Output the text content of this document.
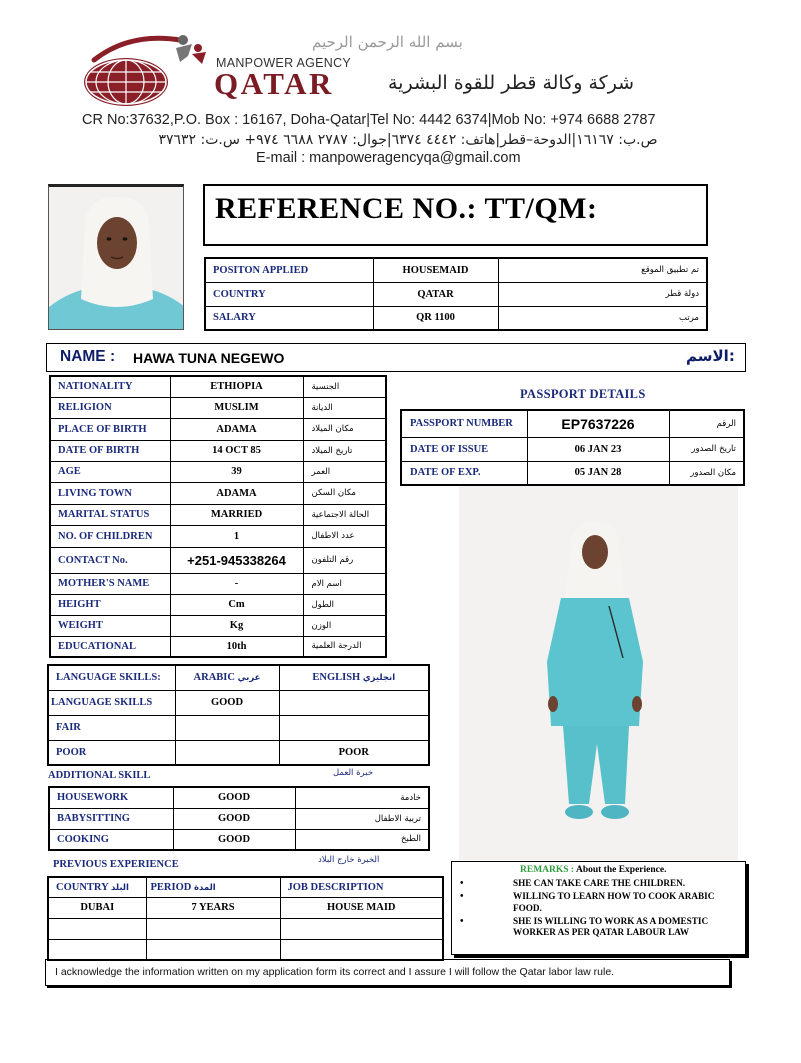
بسم الله الرحمن الرحيم
MANPOWER AGENCY
QATAR	شركة وكالة قطر للقوة البشرية
CR No:37632,P.O. Box : 16167, Doha-Qatar|Tel No: 4442 6374|Mob No: +974 6688 2787
ص.ب: ١٦١٦٧|الدوحة–قطر|هاتف: ٤٤٤٢ ٦٣٧٤|جوال: ٢٧٨٧ ٦٦٨٨ ٩٧٤+ س.ت: ٣٧٦٣٢
E-mail : manpoweragencyqa@gmail.com
REFERENCE NO.: TT/QM:
POSITON APPLIED	HOUSEMAID	تم تطبيق الموقع
COUNTRY	QATAR	دولة قطر
SALARY	QR 1100	مرتب
NAME : HAWA TUNA NEGEWO	:الاسم
NATIONALITY	ETHIOPIA	الجنسية
RELIGION	MUSLIM	الديانة
PLACE OF BIRTH	ADAMA	مكان الميلاد
DATE OF BIRTH	14 OCT 85	تاريخ الميلاد
AGE	39	العمر
LIVING TOWN	ADAMA	مكان السكن
MARITAL STATUS	MARRIED	الحالة الاجتماعية
NO. OF CHILDREN	1	عدد الاطفال
CONTACT No.	+251-945338264	رقم التلفون
MOTHER'S NAME	-	اسم الام
HEIGHT	Cm	الطول
WEIGHT	Kg	الوزن
EDUCATIONAL	10th	الدرجة العلمية
PASSPORT DETAILS
PASSPORT NUMBER	EP7637226	الرقم
DATE OF ISSUE	06 JAN 23	تاريخ الصدور
DATE OF EXP.	05 JAN 28	مكان الصدور
LANGUAGE SKILLS:	ARABIC عربي	ENGLISH انجليزي
LANGUAGE SKILLS	GOOD	
FAIR		
POOR		POOR
ADDITIONAL SKILL	خبرة العمل
HOUSEWORK	GOOD	خادمة
BABYSITTING	GOOD	تربية الاطفال
COOKING	GOOD	الطبخ
PREVIOUS EXPERIENCE	الخبرة خارج البلاد
COUNTRY البلد	PERIOD المدة	JOB DESCRIPTION
DUBAI	7 YEARS	HOUSE MAID

REMARKS : About the Experience.
• SHE CAN TAKE CARE THE CHILDREN.
• WILLING TO LEARN HOW TO COOK ARABIC FOOD.
• SHE IS WILLING TO WORK AS A DOMESTIC WORKER AS PER QATAR LABOUR LAW
I acknowledge the information written on my application form its correct and I assure I will follow the Qatar labor law rule.
